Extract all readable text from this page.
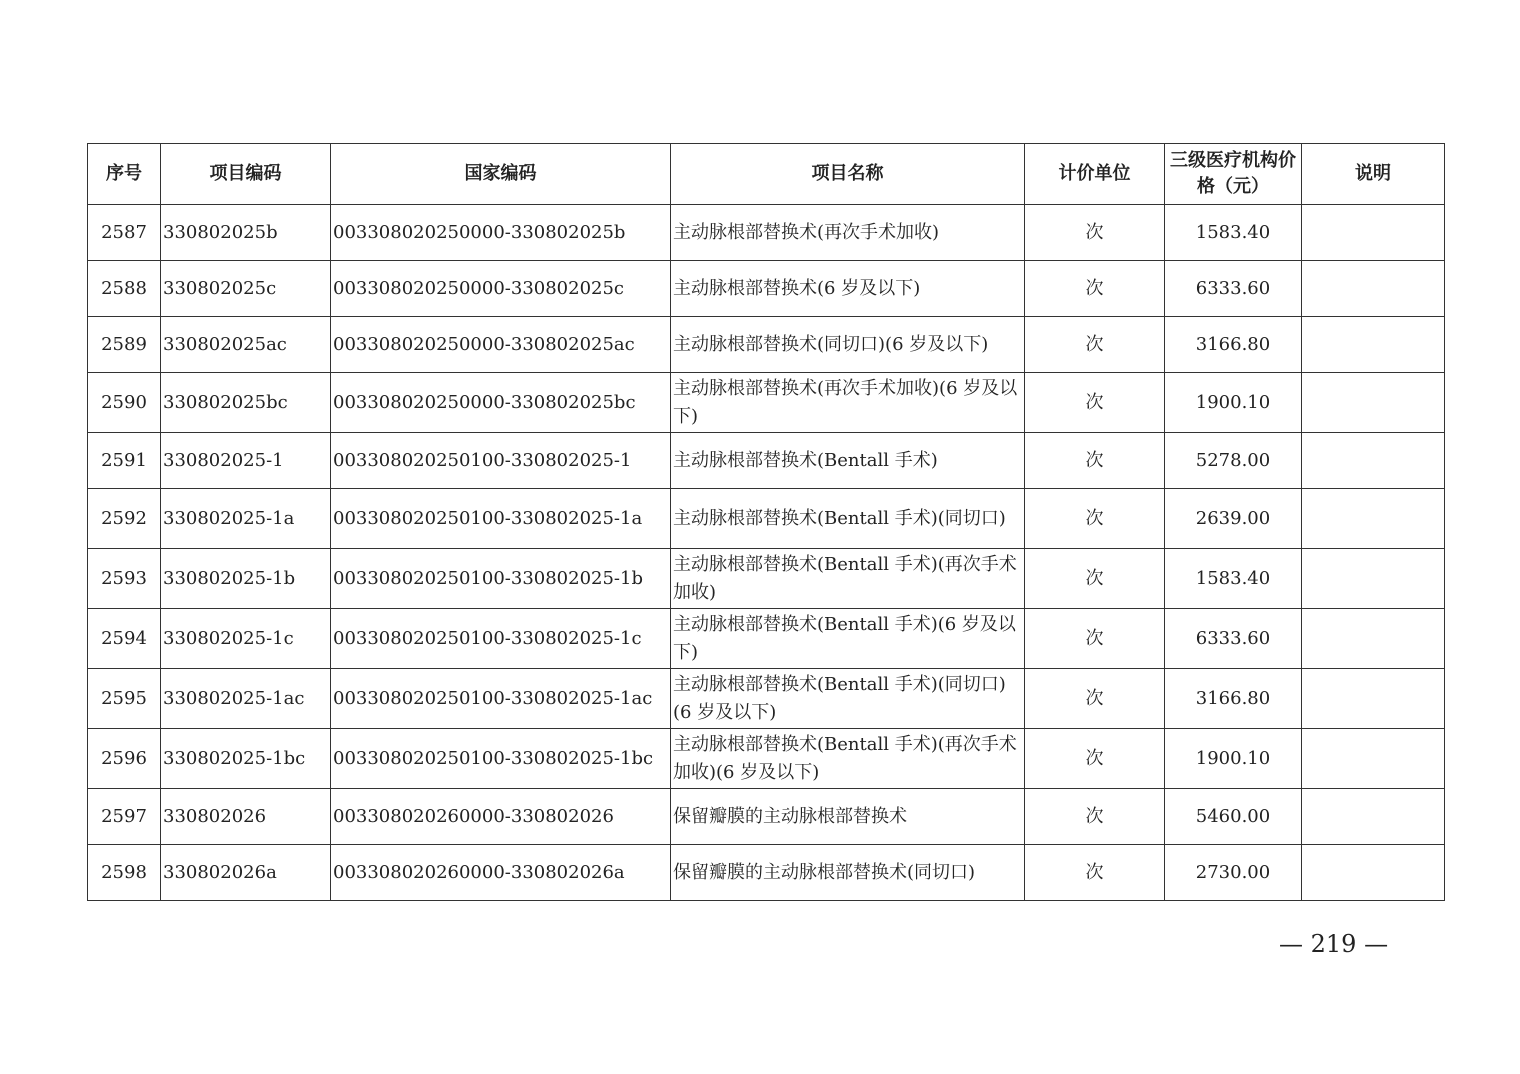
序号	项目编码	国家编码	项目名称	计价单位	三级医疗机构价格（元）	说明
2587	330802025b	003308020250000-330802025b	主动脉根部替换术(再次手术加收)	次	1583.40	
2588	330802025c	003308020250000-330802025c	主动脉根部替换术(6 岁及以下)	次	6333.60	
2589	330802025ac	003308020250000-330802025ac	主动脉根部替换术(同切口)(6 岁及以下)	次	3166.80	
2590	330802025bc	003308020250000-330802025bc	主动脉根部替换术(再次手术加收)(6 岁及以下)	次	1900.10	
2591	330802025-1	003308020250100-330802025-1	主动脉根部替换术(Bentall 手术)	次	5278.00	
2592	330802025-1a	003308020250100-330802025-1a	主动脉根部替换术(Bentall 手术)(同切口)	次	2639.00	
2593	330802025-1b	003308020250100-330802025-1b	主动脉根部替换术(Bentall 手术)(再次手术加收)	次	1583.40	
2594	330802025-1c	003308020250100-330802025-1c	主动脉根部替换术(Bentall 手术)(6 岁及以下)	次	6333.60	
2595	330802025-1ac	003308020250100-330802025-1ac	主动脉根部替换术(Bentall 手术)(同切口)(6 岁及以下)	次	3166.80	
2596	330802025-1bc	003308020250100-330802025-1bc	主动脉根部替换术(Bentall 手术)(再次手术加收)(6 岁及以下)	次	1900.10	
2597	330802026	003308020260000-330802026	保留瓣膜的主动脉根部替换术	次	5460.00	
2598	330802026a	003308020260000-330802026a	保留瓣膜的主动脉根部替换术(同切口)	次	2730.00	
— 219 —
